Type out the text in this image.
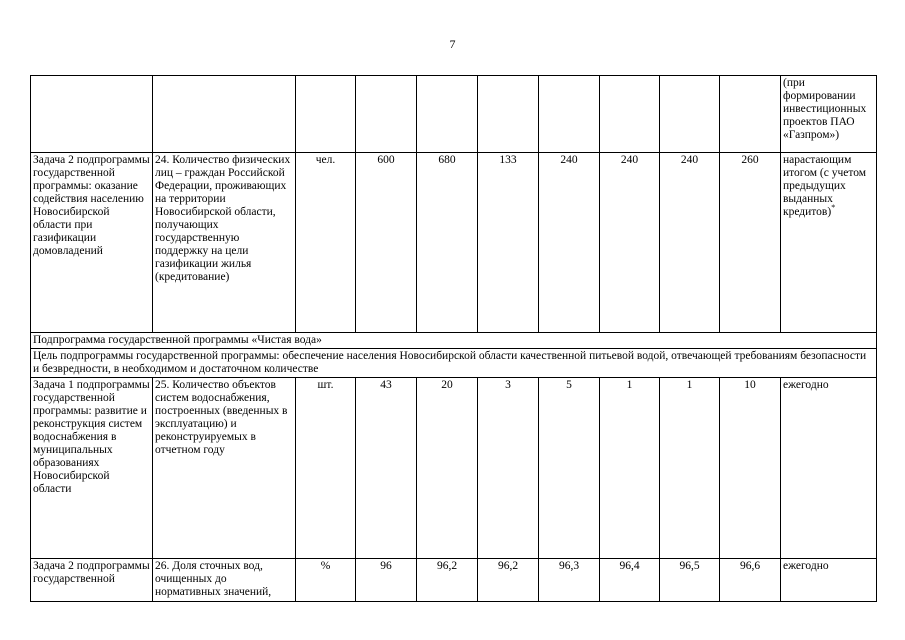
7
										(при формировании инвестиционных проектов ПАО «Газпром»)
Задача 2 подпрограммы государственной программы: оказание содействия населению Новосибирской области при газификации домовладений	24. Количество физических лиц – граждан Российской Федерации, проживающих на территории Новосибирской области, получающих государственную поддержку на цели газификации жилья (кредитование)	чел.	600	680	133	240	240	240	260	нарастающим итогом (с учетом предыдущих выданных кредитов)*
Подпрограмма государственной программы «Чистая вода»										
Цель подпрограммы государственной программы: обеспечение населения Новосибирской области качественной питьевой водой, отвечающей требованиям безопасности и безвредности, в необходимом и достаточном количестве										
Задача 1 подпрограммы государственной программы: развитие и реконструкция систем водоснабжения в муниципальных образованиях Новосибирской области	25. Количество объектов систем водоснабжения, построенных (введенных в эксплуатацию) и реконструируемых в отчетном году	шт.	43	20	3	5	1	1	10	ежегодно
Задача 2 подпрограммы государственной	26. Доля сточных вод, очищенных до нормативных значений,	%	96	96,2	96,2	96,3	96,4	96,5	96,6	ежегодно
